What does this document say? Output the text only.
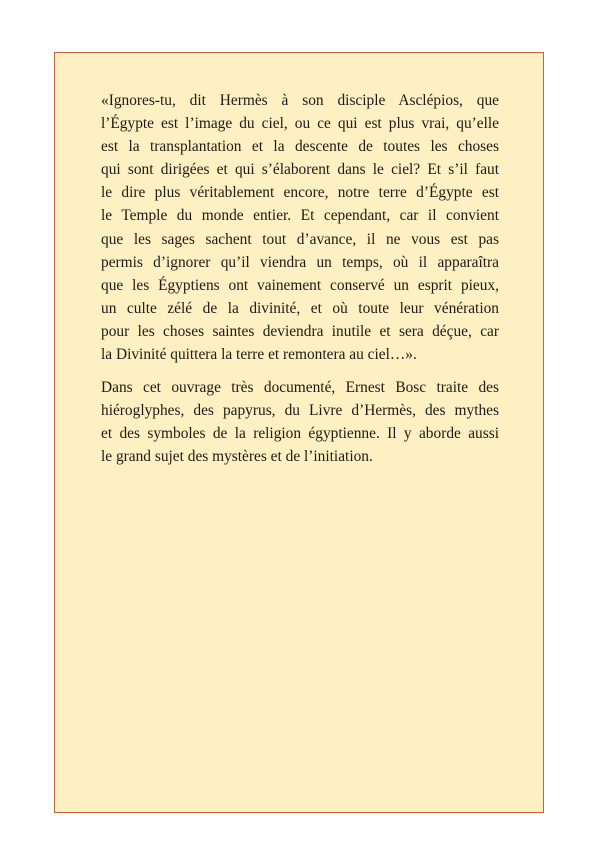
«Ignores-tu, dit Hermès à son disciple Asclépios, que
l’Égypte est l’image du ciel, ou ce qui est plus vrai, qu’elle
est la transplantation et la descente de toutes les choses
qui sont dirigées et qui s’élaborent dans le ciel? Et s’il faut
le dire plus véritablement encore, notre terre d’Égypte est
le Temple du monde entier. Et cependant, car il convient
que les sages sachent tout d’avance, il ne vous est pas
permis d’ignorer qu’il viendra un temps, où il apparaîtra
que les Égyptiens ont vainement conservé un esprit pieux,
un culte zélé de la divinité, et où toute leur vénération
pour les choses saintes deviendra inutile et sera déçue, car
la Divinité quittera la terre et remontera au ciel…».
Dans cet ouvrage très documenté, Ernest Bosc traite des
hiéroglyphes, des papyrus, du Livre d’Hermès, des mythes
et des symboles de la religion égyptienne. Il y aborde aussi
le grand sujet des mystères et de l’initiation.
